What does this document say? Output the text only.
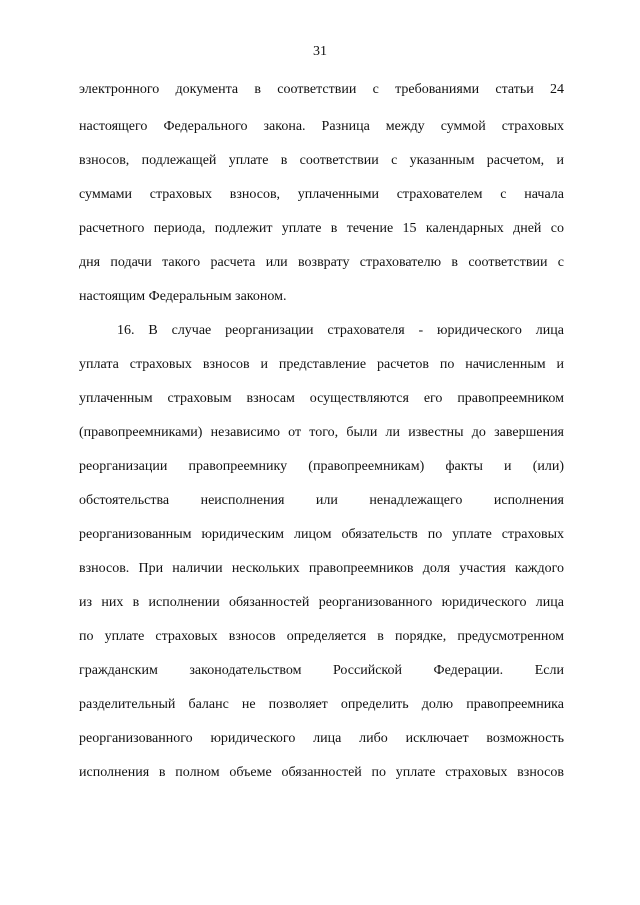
31
электронного документа в соответствии с требованиями статьи 24
настоящего Федерального закона. Разница между суммой страховых
взносов, подлежащей уплате в соответствии с указанным расчетом, и
суммами страховых взносов, уплаченными страхователем с начала
расчетного периода, подлежит уплате в течение 15 календарных дней со
дня подачи такого расчета или возврату страхователю в соответствии с
настоящим Федеральным законом.
16. В случае реорганизации страхователя - юридического лица
уплата страховых взносов и представление расчетов по начисленным и
уплаченным страховым взносам осуществляются его правопреемником
(правопреемниками) независимо от того, были ли известны до завершения
реорганизации правопреемнику (правопреемникам) факты и (или)
обстоятельства неисполнения или ненадлежащего исполнения
реорганизованным юридическим лицом обязательств по уплате страховых
взносов. При наличии нескольких правопреемников доля участия каждого
из них в исполнении обязанностей реорганизованного юридического лица
по уплате страховых взносов определяется в порядке, предусмотренном
гражданским законодательством Российской Федерации. Если
разделительный баланс не позволяет определить долю правопреемника
реорганизованного юридического лица либо исключает возможность
исполнения в полном объеме обязанностей по уплате страховых взносов
